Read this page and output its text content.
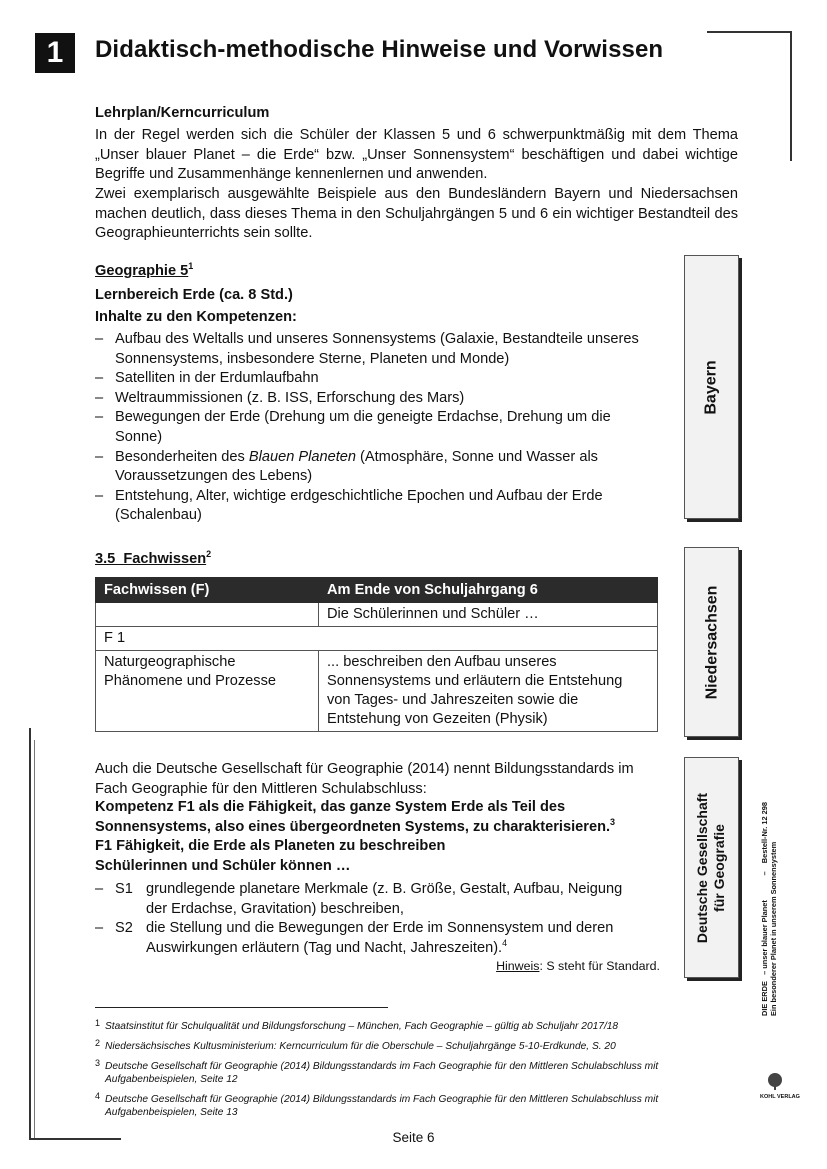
1 Didaktisch-methodische Hinweise und Vorwissen
Lehrplan/Kerncurriculum
In der Regel werden sich die Schüler der Klassen 5 und 6 schwerpunktmäßig mit dem Thema „Unser blauer Planet – die Erde“ bzw. „Unser Sonnensystem“ beschäftigen und dabei wichtige Begriffe und Zusammenhänge kennenlernen und anwenden.
Zwei exemplarisch ausgewählte Beispiele aus den Bundesländern Bayern und Niedersachsen machen deutlich, dass dieses Thema in den Schuljahrgängen 5 und 6 ein wichtiger Bestandteil des Geographieunterrichts sein sollte.
Geographie $5^1$
Lernbereich Erde (ca. 8 Std.)
Inhalte zu den Kompetenzen:
– Aufbau des Weltalls und unseres Sonnensystems (Galaxie, Bestandteile unseres Sonnensystems, insbesondere Sterne, Planeten und Monde)
– Satelliten in der Erdumlaufbahn
– Weltraummissionen (z. B. ISS, Erforschung des Mars)
– Bewegungen der Erde (Drehung um die geneigte Erdachse, Drehung um die Sonne)
– Besonderheiten des Blauen Planeten (Atmosphäre, Sonne und Wasser als Voraussetzungen des Lebens)
– Entstehung, Alter, wichtige erdgeschichtliche Epochen und Aufbau der Erde (Schalenbau)
3.5  Fachwissen$^2$
Fachwissen (F)	Am Ende von Schuljahrgang 6
	Die Schülerinnen und Schüler …
F 1	
Naturgeographische Phänomene und Prozesse	... beschreiben den Aufbau unseres Sonnensystems und erläutern die Entstehung von Tages- und Jahreszeiten sowie die Entstehung von Gezeiten (Physik)
Auch die Deutsche Gesellschaft für Geographie (2014) nennt Bildungsstandards im Fach Geographie für den Mittleren Schulabschluss:
Kompetenz F1 als die Fähigkeit, das ganze System Erde als Teil des Sonnensystems, also eines übergeordneten Systems, zu charakterisieren.$^3$
F1 Fähigkeit, die Erde als Planeten zu beschreiben
Schülerinnen und Schüler können …
– S1 grundlegende planetare Merkmale (z. B. Größe, Gestalt, Aufbau, Neigung der Erdachse, Gravitation) beschreiben,
– S2 die Stellung und die Bewegungen der Erde im Sonnensystem und deren Auswirkungen erläutern (Tag und Nacht, Jahreszeiten).$^4$
Hinweis: S steht für Standard.
Bayern
Niedersachsen
Deutsche Gesellschaft für Geografie
1 Staatsinstitut für Schulqualität und Bildungsforschung – München, Fach Geographie – gültig ab Schuljahr 2017/18
2 Niedersächsisches Kultusministerium: Kerncurriculum für die Oberschule – Schuljahrgänge 5-10-Erdkunde, S. 20
3 Deutsche Gesellschaft für Geographie (2014) Bildungsstandards im Fach Geographie für den Mittleren Schulabschluss mit Aufgabenbeispielen, Seite 12
4 Deutsche Gesellschaft für Geographie (2014) Bildungsstandards im Fach Geographie für den Mittleren Schulabschluss mit Aufgabenbeispielen, Seite 13
DIE ERDE   – unser blauer Planet            –    Bestell-Nr. 12 298
Ein besonderer Planet in unserem Sonnensystem
KOHL VERLAG
Seite 6
